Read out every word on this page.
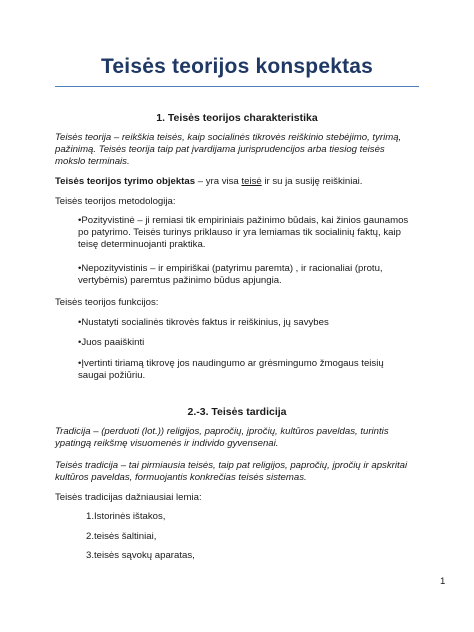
Teisės teorijos konspektas
1. Teisės teorijos charakteristika
Teisės teorija – reikškia teisės, kaip socialinės tikrovės reiškinio stebėjimo, tyrimą,
pažinimą. Teisės teorija taip pat įvardijama jurisprudencijos arba tiesiog teisės
mokslo terminais.
Teisės teorijos tyrimo objektas – yra visa teisė ir su ja susiję reiškiniai.
Teisės teorijos metodologija:
•Pozityvistinė – ji remiasi tik empiriniais pažinimo būdais, kai žinios gaunamos
po patyrimo. Teisės turinys priklauso ir yra lemiamas tik socialinių faktų, kaip
teisę determinuojanti praktika.
•Nepozityvistinis – ir empiriškai (patyrimu paremta) , ir racionaliai (protu,
vertybėmis) paremtus pažinimo būdus apjungia.
Teisės teorijos funkcijos:
•Nustatyti socialinės tikrovės faktus ir reiškinius, jų savybes
•Juos paaiškinti
•Įvertinti tiriamą tikrovę jos naudingumo ar grėsmingumo žmogaus teisių
saugai požiūriu.
2.-3. Teisės tardicija
Tradicija – (perduoti (lot.)) religijos, papročių, įpročių, kultūros paveldas, turintis
ypatingą reikšmę visuomenės ir individo gyvensenai.
Teisės tradicija – tai pirmiausia teisės, taip pat religijos, papročių, įpročių ir apskritai
kultūros paveldas, formuojantis konkrečias teisės sistemas.
Teisės tradicijas dažniausiai lemia:
1.Istorinės ištakos,
2.teisės šaltiniai,
3.teisės sąvokų aparatas,
1
